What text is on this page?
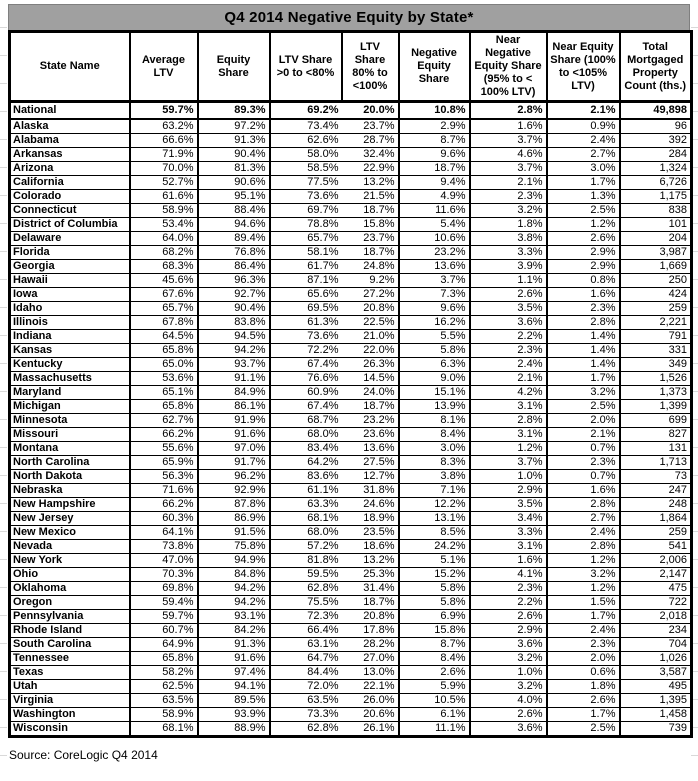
Q4 2014 Negative Equity by State*
State Name	Average LTV	Equity Share	LTV Share >0 to <80%	LTV Share 80% to <100%	Negative Equity Share	Near Negative Equity Share (95% to < 100% LTV)	Near Equity Share (100% to <105% LTV)	Total Mortgaged Property Count (ths.)
National	59.7%	89.3%	69.2%	20.0%	10.8%	2.8%	2.1%	49,898
Alaska	63.2%	97.2%	73.4%	23.7%	2.9%	1.6%	0.9%	96
Alabama	66.6%	91.3%	62.6%	28.7%	8.7%	3.7%	2.4%	392
Arkansas	71.9%	90.4%	58.0%	32.4%	9.6%	4.6%	2.7%	284
Arizona	70.0%	81.3%	58.5%	22.9%	18.7%	3.7%	3.0%	1,324
California	52.7%	90.6%	77.5%	13.2%	9.4%	2.1%	1.7%	6,726
Colorado	61.6%	95.1%	73.6%	21.5%	4.9%	2.3%	1.3%	1,175
Connecticut	58.9%	88.4%	69.7%	18.7%	11.6%	3.2%	2.5%	838
District of Columbia	53.4%	94.6%	78.8%	15.8%	5.4%	1.8%	1.2%	101
Delaware	64.0%	89.4%	65.7%	23.7%	10.6%	3.8%	2.6%	204
Florida	68.2%	76.8%	58.1%	18.7%	23.2%	3.3%	2.9%	3,987
Georgia	68.3%	86.4%	61.7%	24.8%	13.6%	3.9%	2.9%	1,669
Hawaii	45.6%	96.3%	87.1%	9.2%	3.7%	1.1%	0.8%	250
Iowa	67.6%	92.7%	65.6%	27.2%	7.3%	2.6%	1.6%	424
Idaho	65.7%	90.4%	69.5%	20.8%	9.6%	3.5%	2.3%	259
Illinois	67.8%	83.8%	61.3%	22.5%	16.2%	3.6%	2.8%	2,221
Indiana	64.5%	94.5%	73.6%	21.0%	5.5%	2.2%	1.4%	791
Kansas	65.8%	94.2%	72.2%	22.0%	5.8%	2.3%	1.4%	331
Kentucky	65.0%	93.7%	67.4%	26.3%	6.3%	2.4%	1.4%	349
Massachusetts	53.6%	91.1%	76.6%	14.5%	9.0%	2.1%	1.7%	1,526
Maryland	65.1%	84.9%	60.9%	24.0%	15.1%	4.2%	3.2%	1,373
Michigan	65.8%	86.1%	67.4%	18.7%	13.9%	3.1%	2.5%	1,399
Minnesota	62.7%	91.9%	68.7%	23.2%	8.1%	2.8%	2.0%	699
Missouri	66.2%	91.6%	68.0%	23.6%	8.4%	3.1%	2.1%	827
Montana	55.6%	97.0%	83.4%	13.6%	3.0%	1.2%	0.7%	131
North Carolina	65.9%	91.7%	64.2%	27.5%	8.3%	3.7%	2.3%	1,713
North Dakota	56.3%	96.2%	83.6%	12.7%	3.8%	1.0%	0.7%	73
Nebraska	71.6%	92.9%	61.1%	31.8%	7.1%	2.9%	1.6%	247
New Hampshire	66.2%	87.8%	63.3%	24.6%	12.2%	3.5%	2.8%	248
New Jersey	60.3%	86.9%	68.1%	18.9%	13.1%	3.4%	2.7%	1,864
New Mexico	64.1%	91.5%	68.0%	23.5%	8.5%	3.3%	2.4%	259
Nevada	73.8%	75.8%	57.2%	18.6%	24.2%	3.1%	2.8%	541
New York	47.0%	94.9%	81.8%	13.2%	5.1%	1.6%	1.2%	2,006
Ohio	70.3%	84.8%	59.5%	25.3%	15.2%	4.1%	3.2%	2,147
Oklahoma	69.8%	94.2%	62.8%	31.4%	5.8%	2.3%	1.2%	475
Oregon	59.4%	94.2%	75.5%	18.7%	5.8%	2.2%	1.5%	722
Pennsylvania	59.7%	93.1%	72.3%	20.8%	6.9%	2.6%	1.7%	2,018
Rhode Island	60.7%	84.2%	66.4%	17.8%	15.8%	2.9%	2.4%	234
South Carolina	64.9%	91.3%	63.1%	28.2%	8.7%	3.6%	2.3%	704
Tennessee	65.8%	91.6%	64.7%	27.0%	8.4%	3.2%	2.0%	1,026
Texas	58.2%	97.4%	84.4%	13.0%	2.6%	1.0%	0.6%	3,587
Utah	62.5%	94.1%	72.0%	22.1%	5.9%	3.2%	1.8%	495
Virginia	63.5%	89.5%	63.5%	26.0%	10.5%	4.0%	2.6%	1,395
Washington	58.9%	93.9%	73.3%	20.6%	6.1%	2.6%	1.7%	1,458
Wisconsin	68.1%	88.9%	62.8%	26.1%	11.1%	3.6%	2.5%	739
Source: CoreLogic Q4 2014
